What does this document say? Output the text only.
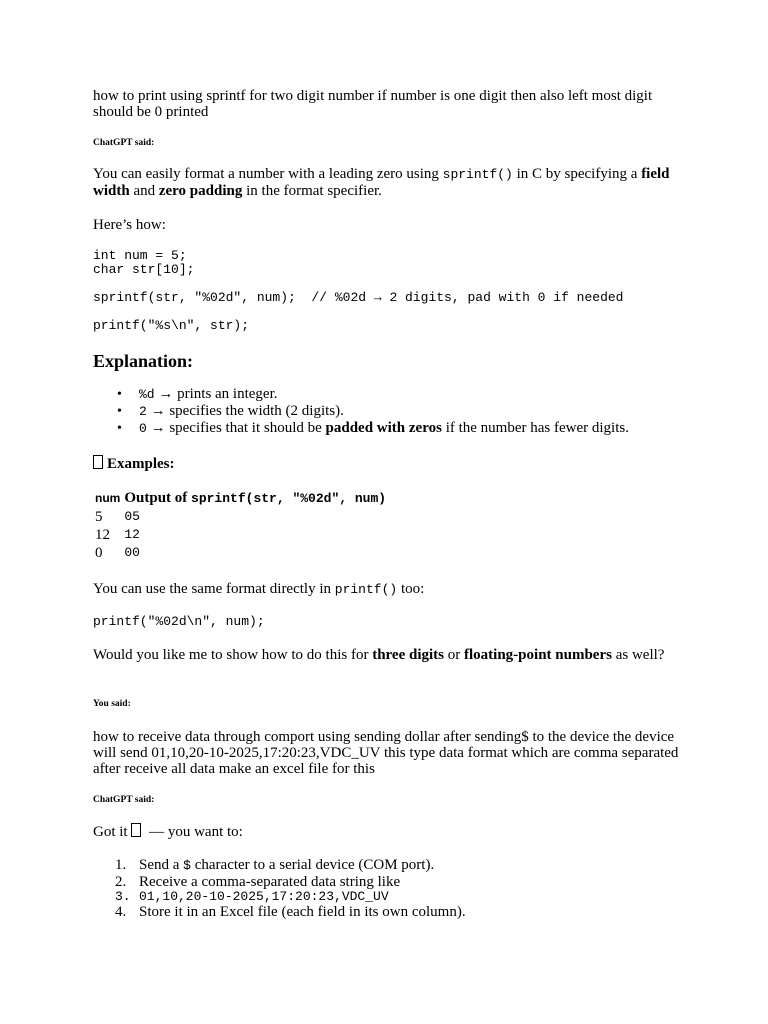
how to print using sprintf for two digit number if number is one digit then also left most digit should be 0 printed

ChatGPT said:

You can easily format a number with a leading zero using sprintf() in C by specifying a field width and zero padding in the format specifier.

Here’s how:

int num = 5;
char str[10];
sprintf(str, "%02d", num);  // %02d → 2 digits, pad with 0 if needed
printf("%s\n", str);
Explanation:
• %d → prints an integer.
• 2 → specifies the width (2 digits).
• 0 → specifies that it should be padded with zeros if the number has fewer digits.
Examples:
num	Output of sprintf(str, "%02d", num)
5	05
12	12
0	00

You can use the same format directly in printf() too:

printf("%02d\n", num);

Would you like me to show how to do this for three digits or floating-point numbers as well?

You said:

how to receive data through comport using sending dollar after sending$ to the device the device will send 01,10,20-10-2025,17:20:23,VDC_UV this type data format which are comma separated after receive all data make an excel file for this

ChatGPT said:

Got it  — you want to:

1. Send a $ character to a serial device (COM port).
2. Receive a comma-separated data string like
3. 01,10,20-10-2025,17:20:23,VDC_UV
4. Store it in an Excel file (each field in its own column).
